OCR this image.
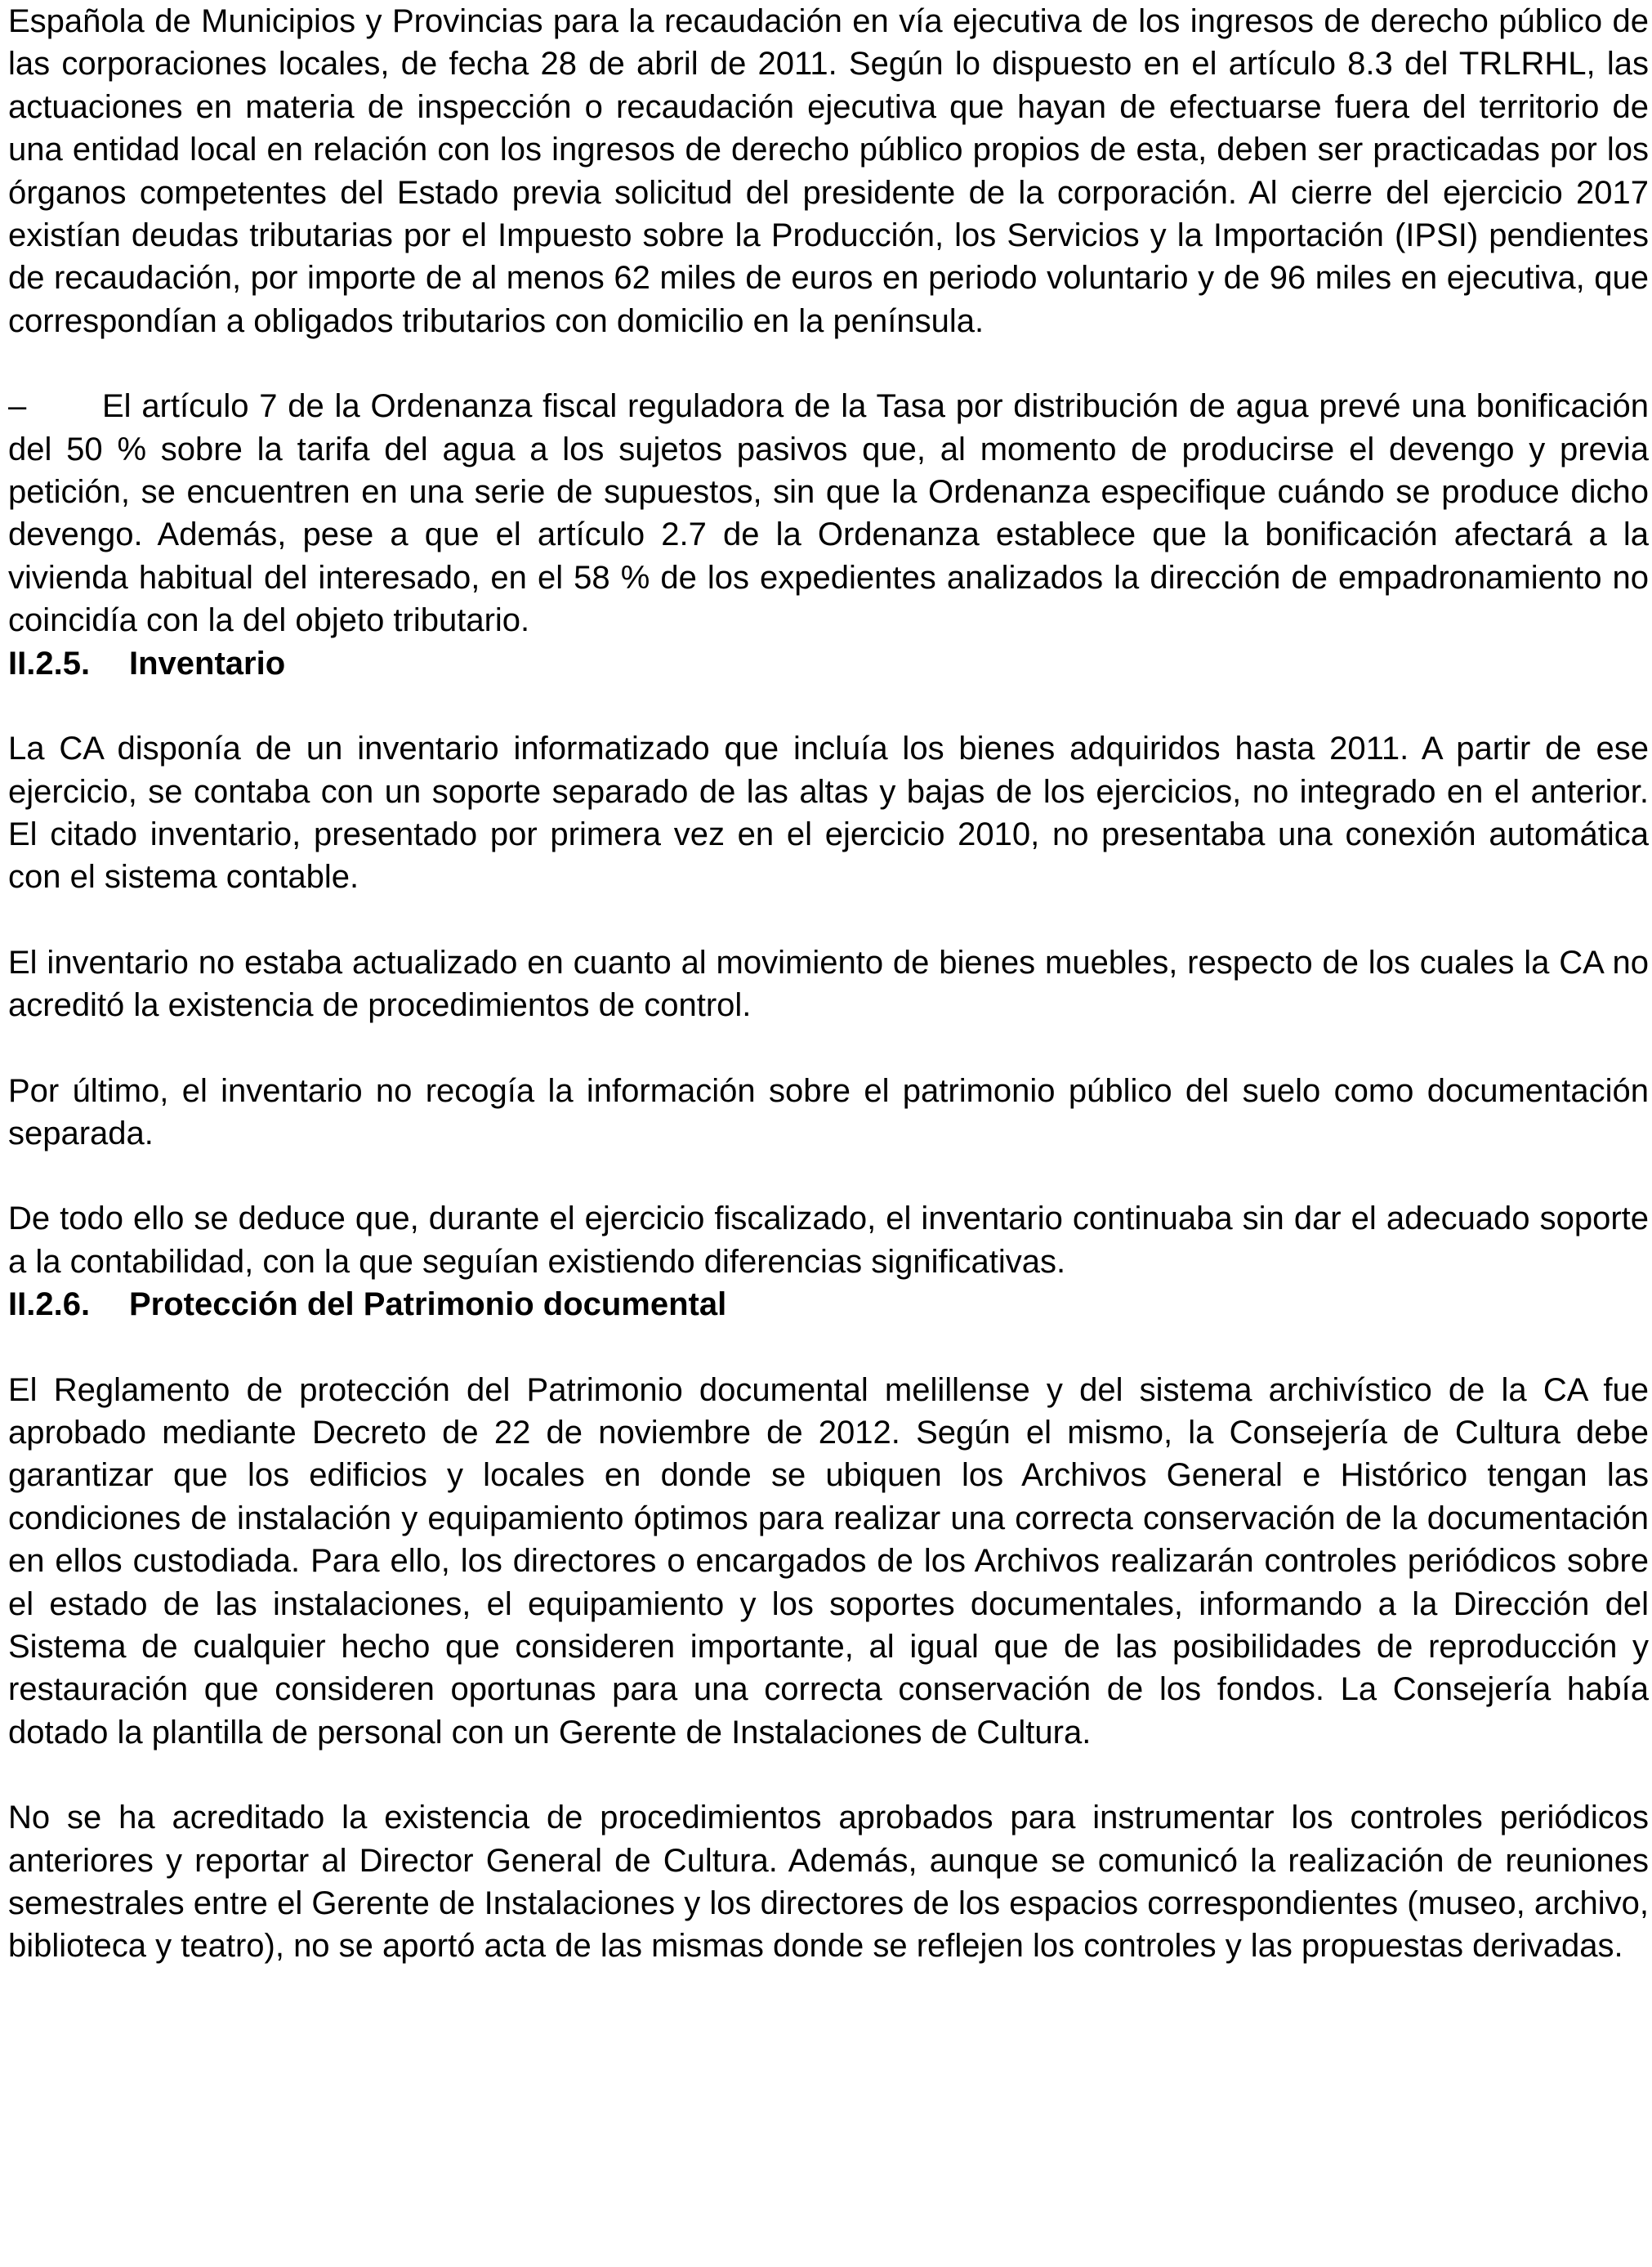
Española de Municipios y Provincias para la recaudación en vía ejecutiva de los ingresos de derecho público de las corporaciones locales, de fecha 28 de abril de 2011. Según lo dispuesto en el artículo 8.3 del TRLRHL, las actuaciones en materia de inspección o recaudación ejecutiva que hayan de efectuarse fuera del territorio de una entidad local en relación con los ingresos de derecho público propios de esta, deben ser practicadas por los órganos competentes del Estado previa solicitud del presidente de la corporación. Al cierre del ejercicio 2017 existían deudas tributarias por el Impuesto sobre la Producción, los Servicios y la Importación (IPSI) pendientes de recaudación, por importe de al menos 62 miles de euros en periodo voluntario y de 96 miles en ejecutiva, que correspondían a obligados tributarios con domicilio en la península.

– El artículo 7 de la Ordenanza fiscal reguladora de la Tasa por distribución de agua prevé una bonificación del 50 % sobre la tarifa del agua a los sujetos pasivos que, al momento de producirse el devengo y previa petición, se encuentren en una serie de supuestos, sin que la Ordenanza especifique cuándo se produce dicho devengo. Además, pese a que el artículo 2.7 de la Ordenanza establece que la bonificación afectará a la vivienda habitual del interesado, en el 58 % de los expedientes analizados la dirección de empadronamiento no coincidía con la del objeto tributario.

II.2.5. Inventario

La CA disponía de un inventario informatizado que incluía los bienes adquiridos hasta 2011. A partir de ese ejercicio, se contaba con un soporte separado de las altas y bajas de los ejercicios, no integrado en el anterior. El citado inventario, presentado por primera vez en el ejercicio 2010, no presentaba una conexión automática con el sistema contable.

El inventario no estaba actualizado en cuanto al movimiento de bienes muebles, respecto de los cuales la CA no acreditó la existencia de procedimientos de control.

Por último, el inventario no recogía la información sobre el patrimonio público del suelo como documentación separada.

De todo ello se deduce que, durante el ejercicio fiscalizado, el inventario continuaba sin dar el adecuado soporte a la contabilidad, con la que seguían existiendo diferencias significativas.

II.2.6. Protección del Patrimonio documental

El Reglamento de protección del Patrimonio documental melillense y del sistema archivístico de la CA fue aprobado mediante Decreto de 22 de noviembre de 2012. Según el mismo, la Consejería de Cultura debe garantizar que los edificios y locales en donde se ubiquen los Archivos General e Histórico tengan las condiciones de instalación y equipamiento óptimos para realizar una correcta conservación de la documentación en ellos custodiada. Para ello, los directores o encargados de los Archivos realizarán controles periódicos sobre el estado de las instalaciones, el equipamiento y los soportes documentales, informando a la Dirección del Sistema de cualquier hecho que consideren importante, al igual que de las posibilidades de reproducción y restauración que consideren oportunas para una correcta conservación de los fondos. La Consejería había dotado la plantilla de personal con un Gerente de Instalaciones de Cultura.

No se ha acreditado la existencia de procedimientos aprobados para instrumentar los controles periódicos anteriores y reportar al Director General de Cultura. Además, aunque se comunicó la realización de reuniones semestrales entre el Gerente de Instalaciones y los directores de los espacios correspondientes (museo, archivo, biblioteca y teatro), no se aportó acta de las mismas donde se reflejen los controles y las propuestas derivadas.
